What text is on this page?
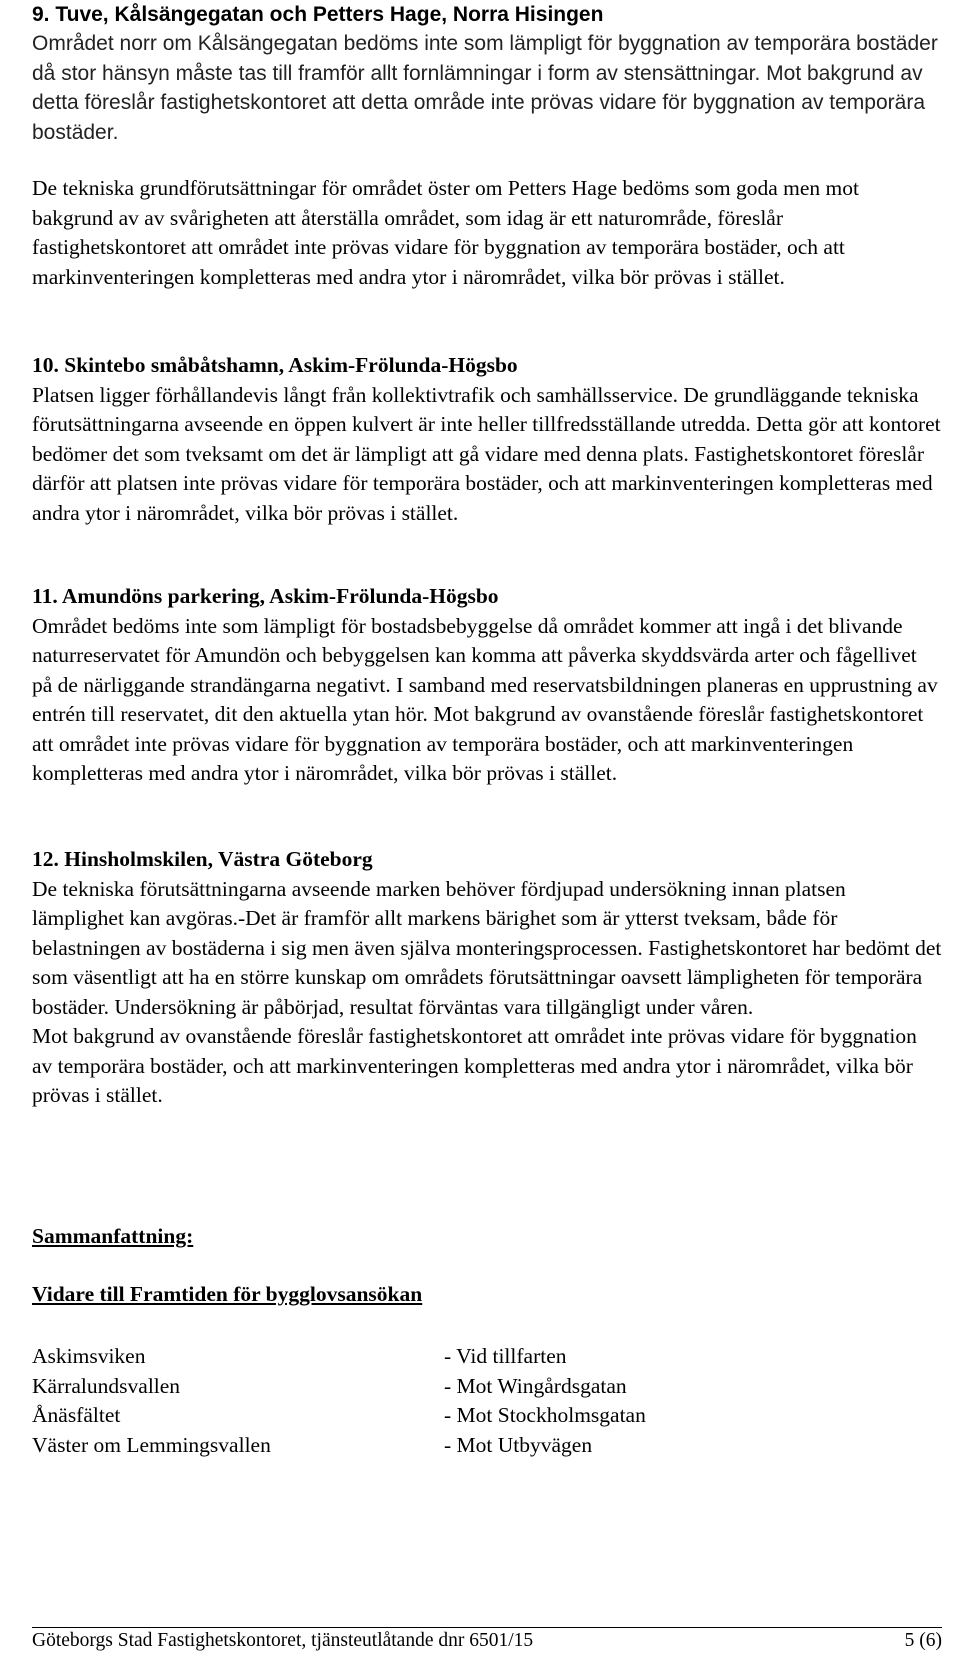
9. Tuve, Kålsängegatan och Petters Hage, Norra Hisingen

Området norr om Kålsängegatan bedöms inte som lämpligt för byggnation av temporära bostäder då stor hänsyn måste tas till framför allt fornlämningar i form av stensättningar. Mot bakgrund av detta föreslår fastighetskontoret att detta område inte prövas vidare för byggnation av temporära bostäder.

De tekniska grundförutsättningar för området öster om Petters Hage bedöms som goda men mot bakgrund av av svårigheten att återställa området, som idag är ett naturområde, föreslår fastighetskontoret att området inte prövas vidare för byggnation av temporära bostäder, och att markinventeringen kompletteras med andra ytor i närområdet, vilka bör prövas i stället.

10. Skintebo småbåtshamn, Askim-Frölunda-Högsbo

Platsen ligger förhållandevis långt från kollektivtrafik och samhällsservice. De grundläggande tekniska förutsättningarna avseende en öppen kulvert är inte heller tillfredsställande utredda. Detta gör att kontoret bedömer det som tveksamt om det är lämpligt att gå vidare med denna plats. Fastighetskontoret föreslår därför att platsen inte prövas vidare för temporära bostäder, och att markinventeringen kompletteras med andra ytor i närområdet, vilka bör prövas i stället.

11. Amundöns parkering, Askim-Frölunda-Högsbo

Området bedöms inte som lämpligt för bostadsbebyggelse då området kommer att ingå i det blivande naturreservatet för Amundön och bebyggelsen kan komma att påverka skyddsvärda arter och fågellivet på de närliggande strandängarna negativt. I samband med reservatsbildningen planeras en upprustning av entrén till reservatet, dit den aktuella ytan hör. Mot bakgrund av ovanstående föreslår fastighetskontoret att området inte prövas vidare för byggnation av temporära bostäder, och att markinventeringen kompletteras med andra ytor i närområdet, vilka bör prövas i stället.

12. Hinsholmskilen, Västra Göteborg

De tekniska förutsättningarna avseende marken behöver fördjupad undersökning innan platsen lämplighet kan avgöras.-Det är framför allt markens bärighet som är ytterst tveksam, både för belastningen av bostäderna i sig men även själva monteringsprocessen. Fastighetskontoret har bedömt det som väsentligt att ha en större kunskap om områdets förutsättningar oavsett lämpligheten för temporära bostäder. Undersökning är påbörjad, resultat förväntas vara tillgängligt under våren.

Mot bakgrund av ovanstående föreslår fastighetskontoret att området inte prövas vidare för byggnation av temporära bostäder, och att markinventeringen kompletteras med andra ytor i närområdet, vilka bör prövas i stället.

Sammanfattning:
Vidare till Framtiden för bygglovsansökan
Askimsviken	- Vid tillfarten
Kärralundsvallen	- Mot Wingårdsgatan
Ånäsfältet	- Mot Stockholmsgatan
Väster om Lemmingsvallen	- Mot Utbyvägen
Göteborgs Stad Fastighetskontoret, tjänsteutlåtande dnr 6501/15	5 (6)
